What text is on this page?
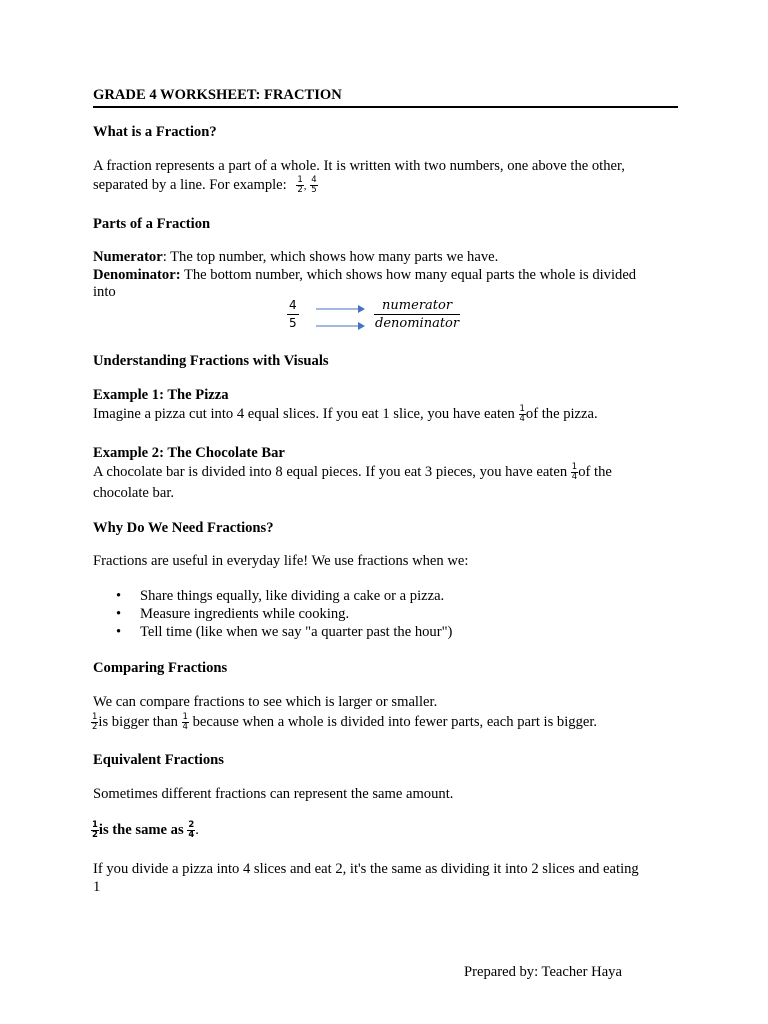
GRADE 4 WORKSHEET: FRACTION
What is a Fraction?
A fraction represents a part of a whole. It is written with two numbers, one above the other,
separated by a line. For example: $\frac{1}{2}$ , $\frac{4}{5}$
Parts of a Fraction
Numerator: The top number, which shows how many parts we have.
Denominator: The bottom number, which shows how many equal parts the whole is divided
into
$\frac{4}{5}$	numerator
denominator
Understanding Fractions with Visuals
Example 1: The Pizza
Imagine a pizza cut into 4 equal slices. If you eat 1 slice, you have eaten $\frac{1}{4}$ of the pizza.
Example 2: The Chocolate Bar
A chocolate bar is divided into 8 equal pieces. If you eat 3 pieces, you have eaten $\frac{1}{4}$ of the
chocolate bar.
Why Do We Need Fractions?
Fractions are useful in everyday life! We use fractions when we:
• Share things equally, like dividing a cake or a pizza.
• Measure ingredients while cooking.
• Tell time (like when we say "a quarter past the hour")
Comparing Fractions
We can compare fractions to see which is larger or smaller.
$\frac{1}{2}$ is bigger than $\frac{1}{4}$ because when a whole is divided into fewer parts, each part is bigger.
Equivalent Fractions
Sometimes different fractions can represent the same amount.
$\frac{1}{2}$ is the same as $\frac{2}{4}$ .
If you divide a pizza into 4 slices and eat 2, it's the same as dividing it into 2 slices and eating
1
Prepared by: Teacher Haya
